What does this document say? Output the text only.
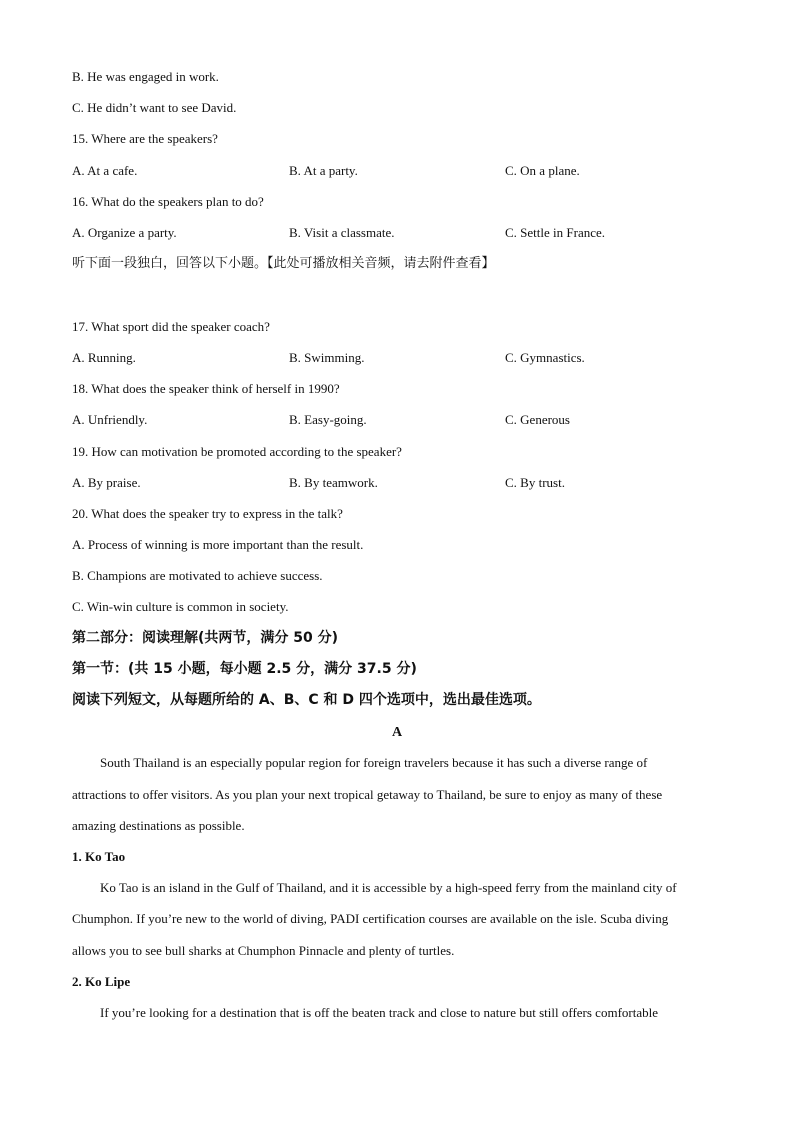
B. He was engaged in work.
C. He didn’t want to see David.
15. Where are the speakers?
A. At a cafe.	B. At a party.	C. On a plane.
16. What do the speakers plan to do?
A. Organize a party.	B. Visit a classmate.	C. Settle in France.
听下面一段独白，回答以下小题。【此处可播放相关音频，请去附件查看】
17. What sport did the speaker coach?
A. Running.	B. Swimming.	C. Gymnastics.
18. What does the speaker think of herself in 1990?
A. Unfriendly.	B. Easy-going.	C. Generous
19. How can motivation be promoted according to the speaker?
A. By praise.	B. By teamwork.	C. By trust.
20. What does the speaker try to express in the talk?
A. Process of winning is more important than the result.
B. Champions are motivated to achieve success.
C. Win-win culture is common in society.
第二部分：阅读理解(共两节，满分 50 分)
第一节：(共 15 小题，每小题 2.5 分，满分 37.5 分)
阅读下列短文，从每题所给的 A、B、C 和 D 四个选项中，选出最佳选项。
A
South Thailand is an especially popular region for foreign travelers because it has such a diverse range of
attractions to offer visitors. As you plan your next tropical getaway to Thailand, be sure to enjoy as many of these
amazing destinations as possible.
1. Ko Tao
Ko Tao is an island in the Gulf of Thailand, and it is accessible by a high-speed ferry from the mainland city of
Chumphon. If you’re new to the world of diving, PADI certification courses are available on the isle. Scuba diving
allows you to see bull sharks at Chumphon Pinnacle and plenty of turtles.
2. Ko Lipe
If you’re looking for a destination that is off the beaten track and close to nature but still offers comfortable
